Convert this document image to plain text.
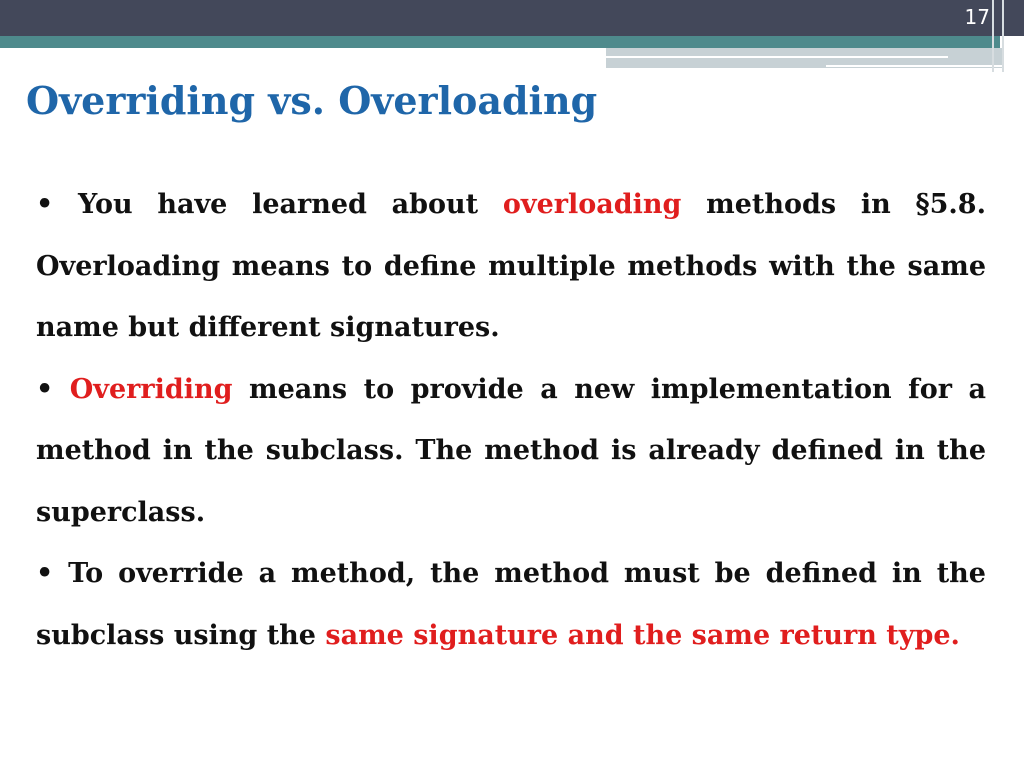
17
Overriding vs. Overloading

• You have learned about overloading methods in §5.8. Overloading means to define multiple methods with the same name but different signatures.

• Overriding means to provide a new implementation for a method in the subclass. The method is already defined in the superclass.

• To override a method, the method must be defined in the subclass using the same signature and the same return type.
